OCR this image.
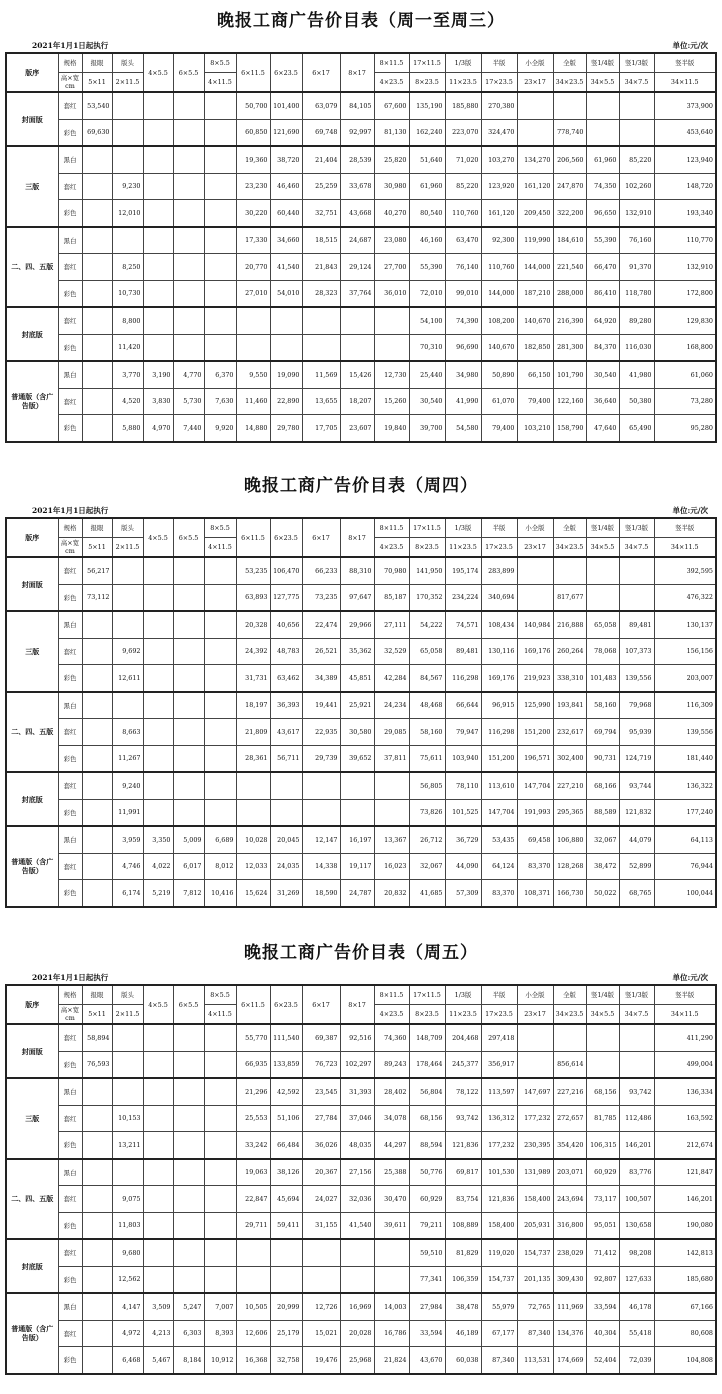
晚报工商广告价目表（周一至周三）
2021年1月1日起执行	单位:元/次
版序	规格	报眼	版头	4×5.5	6×5.5	8×5.5	6×11.5	6×23.5	6×17	8×17	8×11.5	17×11.5	1/3版	半版	小全版	全版	竖1/4版	竖1/3版	竖半版
	高×宽cm	5×11	2×11.5			4×11.5					4×23.5	8×23.5	11×23.5	17×23.5	23×17	34×23.5	34×5.5	34×7.5	34×11.5
封面版	套红	53,540					50,700	101,400	63,079	84,105	67,600	135,190	185,880	270,380					373,900
	彩色	69,630					60,850	121,690	69,748	92,997	81,130	162,240	223,070	324,470		778,740			453,640
三版	黑白						19,360	38,720	21,404	28,539	25,820	51,640	71,020	103,270	134,270	206,560	61,960	85,220	123,940
	套红		9,230				23,230	46,460	25,259	33,678	30,980	61,960	85,220	123,920	161,120	247,870	74,350	102,260	148,720
	彩色		12,010				30,220	60,440	32,751	43,668	40,270	80,540	110,760	161,120	209,450	322,200	96,650	132,910	193,340
二、四、五版	黑白						17,330	34,660	18,515	24,687	23,080	46,160	63,470	92,300	119,990	184,610	55,390	76,160	110,770
	套红		8,250				20,770	41,540	21,843	29,124	27,700	55,390	76,140	110,760	144,000	221,540	66,470	91,370	132,910
	彩色		10,730				27,010	54,010	28,323	37,764	36,010	72,010	99,010	144,000	187,210	288,000	86,410	118,780	172,800
封底版	套红		8,800									54,100	74,390	108,200	140,670	216,390	64,920	89,280	129,830
	彩色		11,420									70,310	96,690	140,670	182,850	281,300	84,370	116,030	168,800
普通版（含广告版）	黑白		3,770	3,190	4,770	6,370	9,550	19,090	11,569	15,426	12,730	25,440	34,980	50,890	66,150	101,790	30,540	41,980	61,060
	套红		4,520	3,830	5,730	7,630	11,460	22,890	13,655	18,207	15,260	30,540	41,990	61,070	79,400	122,160	36,640	50,380	73,280
	彩色		5,880	4,970	7,440	9,920	14,880	29,780	17,705	23,607	19,840	39,700	54,580	79,400	103,210	158,790	47,640	65,490	95,280
晚报工商广告价目表（周四）
2021年1月1日起执行	单位:元/次
版序	规格	报眼	版头	4×5.5	6×5.5	8×5.5	6×11.5	6×23.5	6×17	8×17	8×11.5	17×11.5	1/3版	半版	小全版	全版	竖1/4版	竖1/3版	竖半版
	高×宽cm	5×11	2×11.5			4×11.5					4×23.5	8×23.5	11×23.5	17×23.5	23×17	34×23.5	34×5.5	34×7.5	34×11.5
封面版	套红	56,217					53,235	106,470	66,233	88,310	70,980	141,950	195,174	283,899					392,595
	彩色	73,112					63,893	127,775	73,235	97,647	85,187	170,352	234,224	340,694		817,677			476,322
三版	黑白						20,328	40,656	22,474	29,966	27,111	54,222	74,571	108,434	140,984	216,888	65,058	89,481	130,137
	套红		9,692				24,392	48,783	26,521	35,362	32,529	65,058	89,481	130,116	169,176	260,264	78,068	107,373	156,156
	彩色		12,611				31,731	63,462	34,389	45,851	42,284	84,567	116,298	169,176	219,923	338,310	101,483	139,556	203,007
二、四、五版	黑白						18,197	36,393	19,441	25,921	24,234	48,468	66,644	96,915	125,990	193,841	58,160	79,968	116,309
	套红		8,663				21,809	43,617	22,935	30,580	29,085	58,160	79,947	116,298	151,200	232,617	69,794	95,939	139,556
	彩色		11,267				28,361	56,711	29,739	39,652	37,811	75,611	103,940	151,200	196,571	302,400	90,731	124,719	181,440
封底版	套红		9,240									56,805	78,110	113,610	147,704	227,210	68,166	93,744	136,322
	彩色		11,991									73,826	101,525	147,704	191,993	295,365	88,589	121,832	177,240
普通版（含广告版）	黑白		3,959	3,350	5,009	6,689	10,028	20,045	12,147	16,197	13,367	26,712	36,729	53,435	69,458	106,880	32,067	44,079	64,113
	套红		4,746	4,022	6,017	8,012	12,033	24,035	14,338	19,117	16,023	32,067	44,090	64,124	83,370	128,268	38,472	52,899	76,944
	彩色		6,174	5,219	7,812	10,416	15,624	31,269	18,590	24,787	20,832	41,685	57,309	83,370	108,371	166,730	50,022	68,765	100,044
晚报工商广告价目表（周五）
2021年1月1日起执行	单位:元/次
版序	规格	报眼	版头	4×5.5	6×5.5	8×5.5	6×11.5	6×23.5	6×17	8×17	8×11.5	17×11.5	1/3版	半版	小全版	全版	竖1/4版	竖1/3版	竖半版
	高×宽cm	5×11	2×11.5			4×11.5					4×23.5	8×23.5	11×23.5	17×23.5	23×17	34×23.5	34×5.5	34×7.5	34×11.5
封面版	套红	58,894					55,770	111,540	69,387	92,516	74,360	148,709	204,468	297,418					411,290
	彩色	76,593					66,935	133,859	76,723	102,297	89,243	178,464	245,377	356,917		856,614			499,004
三版	黑白						21,296	42,592	23,545	31,393	28,402	56,804	78,122	113,597	147,697	227,216	68,156	93,742	136,334
	套红		10,153				25,553	51,106	27,784	37,046	34,078	68,156	93,742	136,312	177,232	272,657	81,785	112,486	163,592
	彩色		13,211				33,242	66,484	36,026	48,035	44,297	88,594	121,836	177,232	230,395	354,420	106,315	146,201	212,674
二、四、五版	黑白						19,063	38,126	20,367	27,156	25,388	50,776	69,817	101,530	131,989	203,071	60,929	83,776	121,847
	套红		9,075				22,847	45,694	24,027	32,036	30,470	60,929	83,754	121,836	158,400	243,694	73,117	100,507	146,201
	彩色		11,803				29,711	59,411	31,155	41,540	39,611	79,211	108,889	158,400	205,931	316,800	95,051	130,658	190,080
封底版	套红		9,680									59,510	81,829	119,020	154,737	238,029	71,412	98,208	142,813
	彩色		12,562									77,341	106,359	154,737	201,135	309,430	92,807	127,633	185,680
普通版（含广告版）	黑白		4,147	3,509	5,247	7,007	10,505	20,999	12,726	16,969	14,003	27,984	38,478	55,979	72,765	111,969	33,594	46,178	67,166
	套红		4,972	4,213	6,303	8,393	12,606	25,179	15,021	20,028	16,786	33,594	46,189	67,177	87,340	134,376	40,304	55,418	80,608
	彩色		6,468	5,467	8,184	10,912	16,368	32,758	19,476	25,968	21,824	43,670	60,038	87,340	113,531	174,669	52,404	72,039	104,808
